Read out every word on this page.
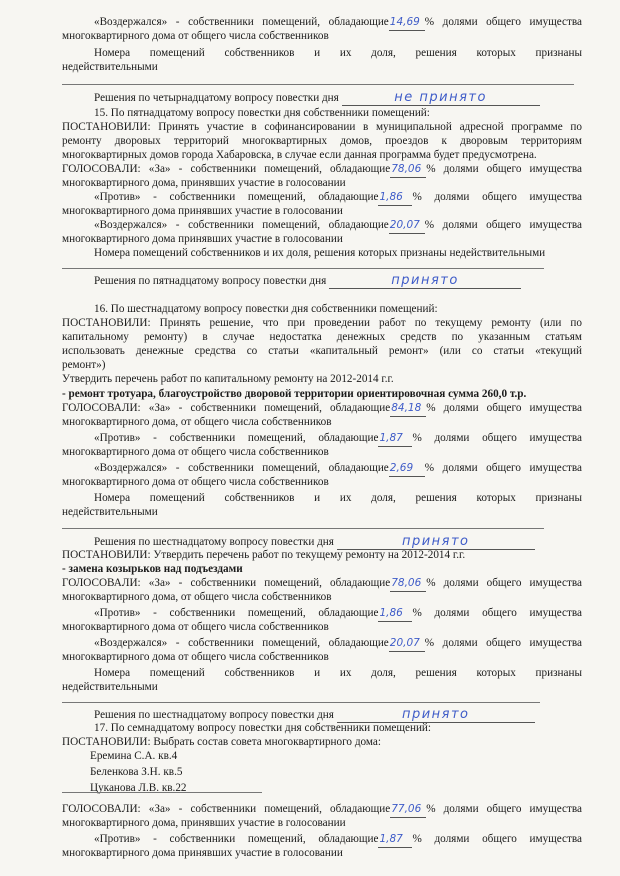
«Воздержался» - собственники помещений, обладающие14,69 % долями общего имущества
многоквартирного дома от общего числа собственников
Номера помещений собственников и их доля, решения которых признаны
недействительными
Решения по четырнадцатому вопросу повестки дня	не принято
15. По пятнадцатому вопросу повестки дня собственники помещений:
ПОСТАНОВИЛИ: Принять участие в софинансировании в муниципальной адресной программе по
ремонту дворовых территорий многоквартирных домов, проездов к дворовым территориям
многоквартирных домов города Хабаровска, в случае если данная программа будет предусмотрена.
ГОЛОСОВАЛИ: «За» - собственники помещений, обладающие78,06 % долями общего имущества
многоквартирного дома, принявших участие в голосовании
«Против» - собственники помещений, обладающие1,86 % долями общего имущества
многоквартирного дома принявших участие в голосовании
«Воздержался» - собственники помещений, обладающие20,07 % долями общего имущества
многоквартирного дома принявших участие в голосовании
Номера помещений собственников и их доля, решения которых признаны недействительными
Решения по пятнадцатому вопросу повестки дня	принято
16. По шестнадцатому вопросу повестки дня собственники помещений:
ПОСТАНОВИЛИ: Принять решение, что при проведении работ по текущему ремонту (или по
капитальному ремонту) в случае недостатка денежных средств по указанным статьям
использовать денежные средства со статьи «капитальный ремонт» (или со статьи «текущий
ремонт»)
Утвердить перечень работ по капитальному ремонту на 2012-2014 г.г.
- ремонт тротуара, благоустройство дворовой территории ориентировочная сумма 260,0 т.р.
ГОЛОСОВАЛИ: «За» - собственники помещений, обладающие84,18 % долями общего имущества
многоквартирного дома, от общего числа собственников
«Против» - собственники помещений, обладающие1,87 % долями общего имущества
многоквартирного дома от общего числа собственников
«Воздержался» - собственники помещений, обладающие2,69 % долями общего имущества
многоквартирного дома от общего числа собственников
Номера помещений собственников и их доля, решения которых признаны
недействительными
Решения по шестнадцатому вопросу повестки дня	принято
ПОСТАНОВИЛИ: Утвердить перечень работ по текущему ремонту на 2012-2014 г.г.
- замена козырьков над подъездами
ГОЛОСОВАЛИ: «За» - собственники помещений, обладающие78,06 % долями общего имущества
многоквартирного дома, от общего числа собственников
«Против» - собственники помещений, обладающие1,86 % долями общего имущества
многоквартирного дома от общего числа собственников
«Воздержался» - собственники помещений, обладающие20,07 % долями общего имущества
многоквартирного дома от общего числа собственников
Номера помещений собственников и их доля, решения которых признаны
недействительными
Решения по шестнадцатому вопросу повестки дня	принято
17. По семнадцатому вопросу повестки дня собственники помещений:
ПОСТАНОВИЛИ: Выбрать состав совета многоквартирного дома:
Еремина С.А. кв.4
Беленкова З.Н. кв.5
Цуканова Л.В. кв.22
ГОЛОСОВАЛИ: «За» - собственники помещений, обладающие77,06 % долями общего имущества
многоквартирного дома, принявших участие в голосовании
«Против» - собственники помещений, обладающие1,87 % долями общего имущества
многоквартирного дома принявших участие в голосовании
